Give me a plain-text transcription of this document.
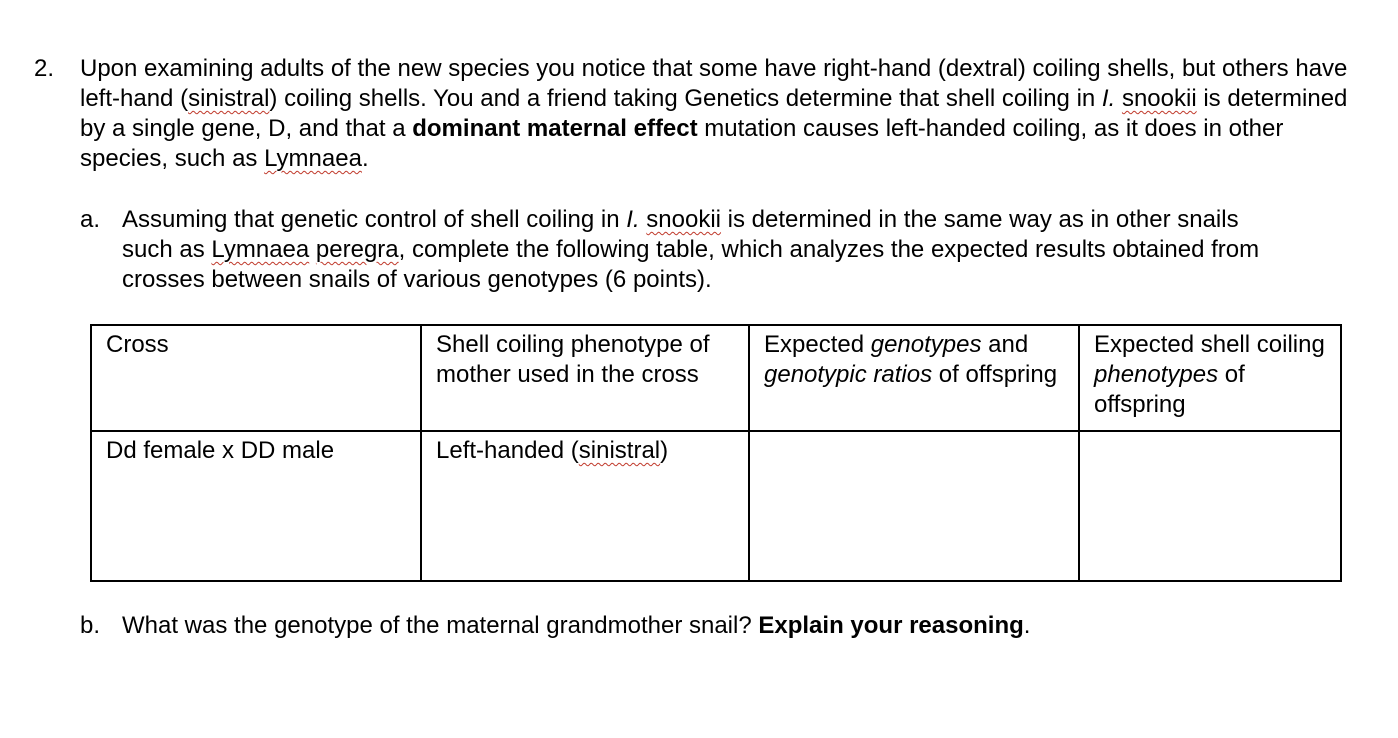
2. Upon examining adults of the new species you notice that some have right-hand (dextral) coiling shells, but others have left-hand (sinistral) coiling shells. You and a friend taking Genetics determine that shell coiling in I. snookii is determined by a single gene, D, and that a dominant maternal effect mutation causes left-handed coiling, as it does in other species, such as Lymnaea.
a. Assuming that genetic control of shell coiling in I. snookii is determined in the same way as in other snails such as Lymnaea peregra, complete the following table, which analyzes the expected results obtained from crosses between snails of various genotypes (6 points).
Cross	Shell coiling phenotype of mother used in the cross	Expected genotypes and genotypic ratios of offspring	Expected shell coiling phenotypes of offspring
Dd female x DD male	Left-handed (sinistral)		
b. What was the genotype of the maternal grandmother snail? Explain your reasoning.
